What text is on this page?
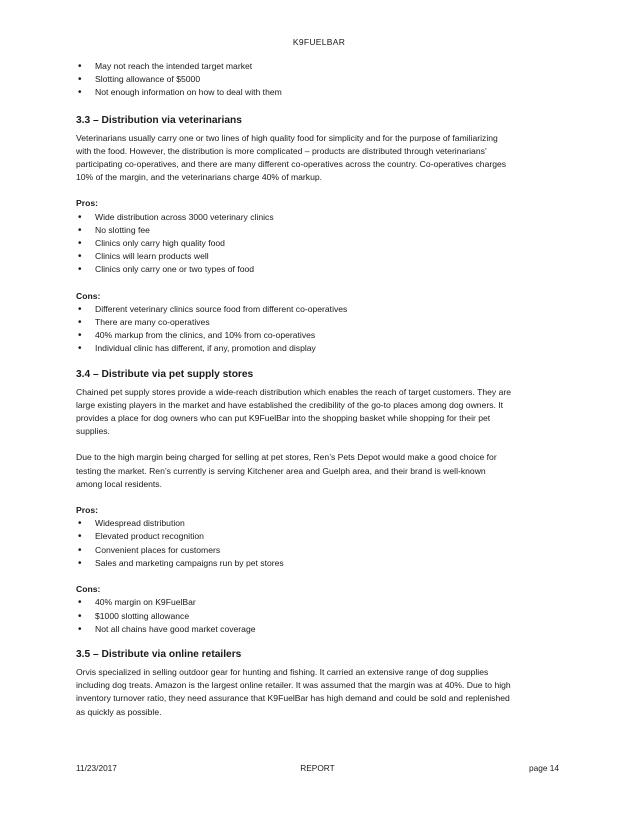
K9FUELBAR
• May not reach the intended target market
• Slotting allowance of $5000
• Not enough information on how to deal with them
3.3 – Distribution via veterinarians

Veterinarians usually carry one or two lines of high quality food for simplicity and for the purpose of familiarizing
with the food. However, the distribution is more complicated – products are distributed through veterinarians’
participating co-operatives, and there are many different co-operatives across the country. Co-operatives charges
10% of the margin, and the veterinarians charge 40% of markup.

Pros:
• Wide distribution across 3000 veterinary clinics
• No slotting fee
• Clinics only carry high quality food
• Clinics will learn products well
• Clinics only carry one or two types of food
Cons:
• Different veterinary clinics source food from different co-operatives
• There are many co-operatives
• 40% markup from the clinics, and 10% from co-operatives
• Individual clinic has different, if any, promotion and display
3.4 – Distribute via pet supply stores

Chained pet supply stores provide a wide-reach distribution which enables the reach of target customers. They are
large existing players in the market and have established the credibility of the go-to places among dog owners. It
provides a place for dog owners who can put K9FuelBar into the shopping basket while shopping for their pet
supplies.

Due to the high margin being charged for selling at pet stores, Ren’s Pets Depot would make a good choice for
testing the market. Ren’s currently is serving Kitchener area and Guelph area, and their brand is well-known
among local residents.

Pros:
• Widespread distribution
• Elevated product recognition
• Convenient places for customers
• Sales and marketing campaigns run by pet stores
Cons:
• 40% margin on K9FuelBar
• $1000 slotting allowance
• Not all chains have good market coverage
3.5 – Distribute via online retailers

Orvis specialized in selling outdoor gear for hunting and fishing. It carried an extensive range of dog supplies
including dog treats. Amazon is the largest online retailer. It was assumed that the margin was at 40%. Due to high
inventory turnover ratio, they need assurance that K9FuelBar has high demand and could be sold and replenished
as quickly as possible.

11/23/2017	REPORT	page 14
